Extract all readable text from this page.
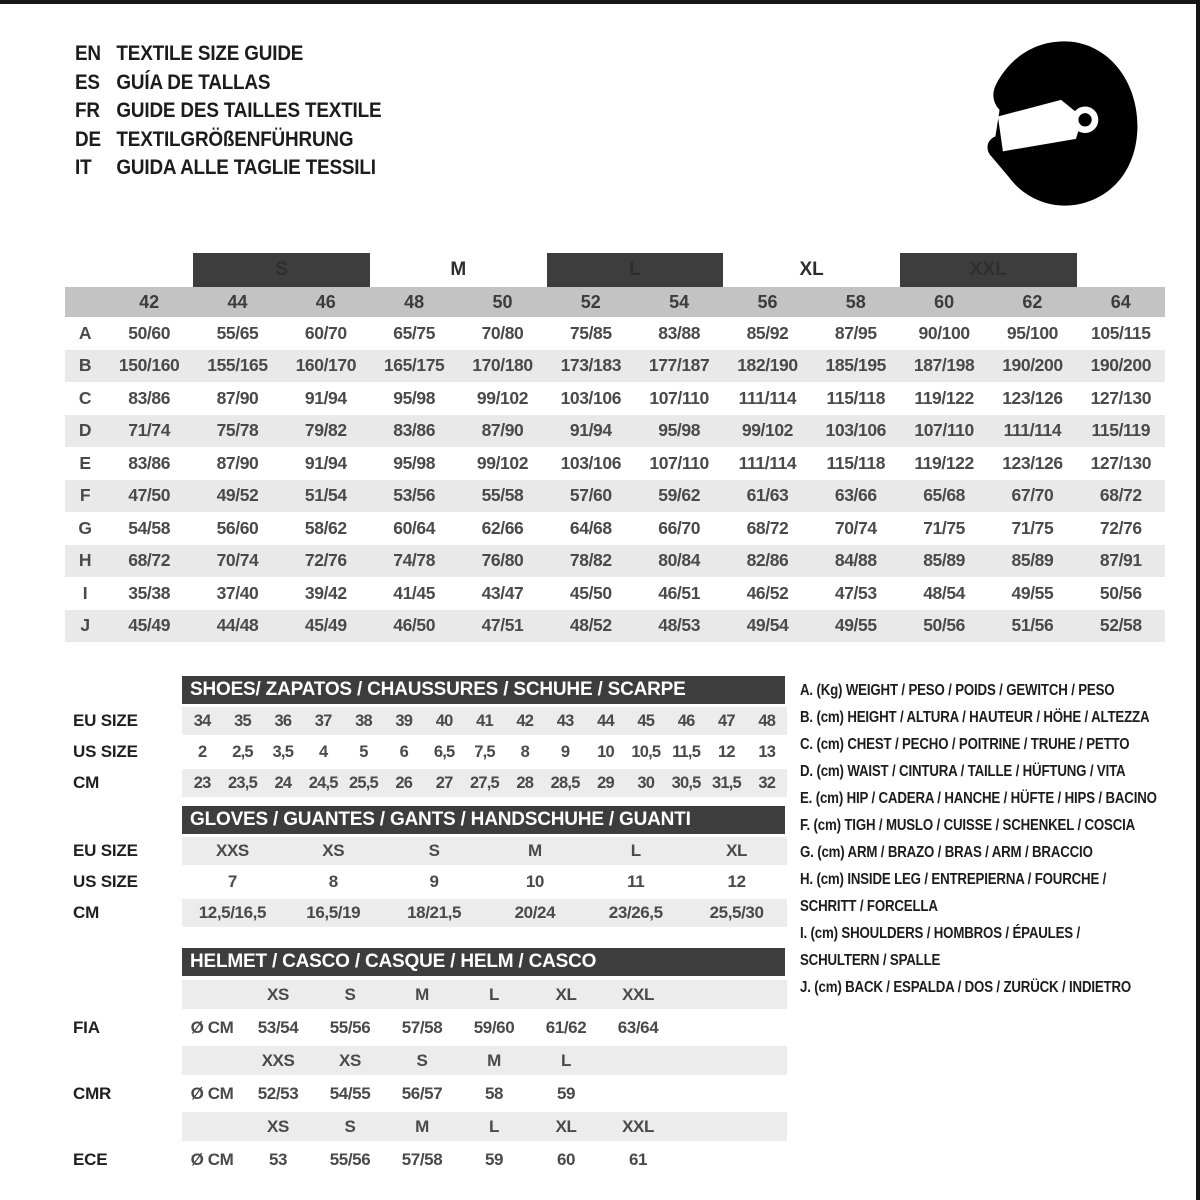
EN TEXTILE SIZE GUIDE
ES GUÍA DE TALLAS
FR GUIDE DES TAILLES TEXTILE
DE TEXTILGRÖßENFÜHRUNG
IT	GUIDA ALLE TAGLIE TESSILI
		S		M		L		XL		XXL		
	42	44	46	48	50	52	54	56	58	60	62	64
A	50/60	55/65	60/70	65/75	70/80	75/85	83/88	85/92	87/95	90/100	95/100	105/115
B	150/160	155/165	160/170	165/175	170/180	173/183	177/187	182/190	185/195	187/198	190/200	190/200
C	83/86	87/90	91/94	95/98	99/102	103/106	107/110	111/114	115/118	119/122	123/126	127/130
D	71/74	75/78	79/82	83/86	87/90	91/94	95/98	99/102	103/106	107/110	111/114	115/119
E	83/86	87/90	91/94	95/98	99/102	103/106	107/110	111/114	115/118	119/122	123/126	127/130
F	47/50	49/52	51/54	53/56	55/58	57/60	59/62	61/63	63/66	65/68	67/70	68/72
G	54/58	56/60	58/62	60/64	62/66	64/68	66/70	68/72	70/74	71/75	71/75	72/76
H	68/72	70/74	72/76	74/78	76/80	78/82	80/84	82/86	84/88	85/89	85/89	87/91
I	35/38	37/40	39/42	41/45	43/47	45/50	46/51	46/52	47/53	48/54	49/55	50/56
J	45/49	44/48	45/49	46/50	47/51	48/52	48/53	49/54	49/55	50/56	51/56	52/58
SHOES/ ZAPATOS / CHAUSSURES / SCHUHE / SCARPE
EU SIZE	34	35	36	37	38	39	40	41	42	43	44	45	46	47	48
US SIZE	2	2,5	3,5	4	5	6	6,5	7,5	8	9	10	10,5	11,5	12	13
CM	23	23,5	24	24,5	25,5	26	27	27,5	28	28,5	29	30	30,5	31,5	32
GLOVES / GUANTES / GANTS / HANDSCHUHE / GUANTI
EU SIZE	XXS	XS	S	M	L	XL
US SIZE	7	8	9	10	11	12
CM	12,5/16,5	16,5/19	18/21,5	20/24	23/26,5	25,5/30
HELMET / CASCO / CASQUE / HELM / CASCO
		XS	S	M	L	XL	XXL	
FIA	Ø CM	53/54	55/56	57/58	59/60	61/62	63/64	
		XXS	XS	S	M	L		
CMR	Ø CM	52/53	54/55	56/57	58	59		
		XS	S	M	L	XL	XXL	
ECE	Ø CM	53	55/56	57/58	59	60	61	
A. (Kg) WEIGHT / PESO / POIDS / GEWITCH / PESO
B. (cm) HEIGHT / ALTURA / HAUTEUR / HÖHE / ALTEZZA
C. (cm) CHEST / PECHO / POITRINE / TRUHE / PETTO
D. (cm) WAIST / CINTURA / TAILLE / HÜFTUNG / VITA
E. (cm) HIP / CADERA / HANCHE / HÜFTE / HIPS / BACINO
F. (cm) TIGH / MUSLO / CUISSE / SCHENKEL / COSCIA
G. (cm) ARM / BRAZO / BRAS / ARM / BRACCIO
H. (cm) INSIDE LEG / ENTREPIERNA / FOURCHE /
SCHRITT / FORCELLA
I. (cm) SHOULDERS / HOMBROS / ÉPAULES /
SCHULTERN / SPALLE
J. (cm) BACK / ESPALDA / DOS / ZURÜCK / INDIETRO
